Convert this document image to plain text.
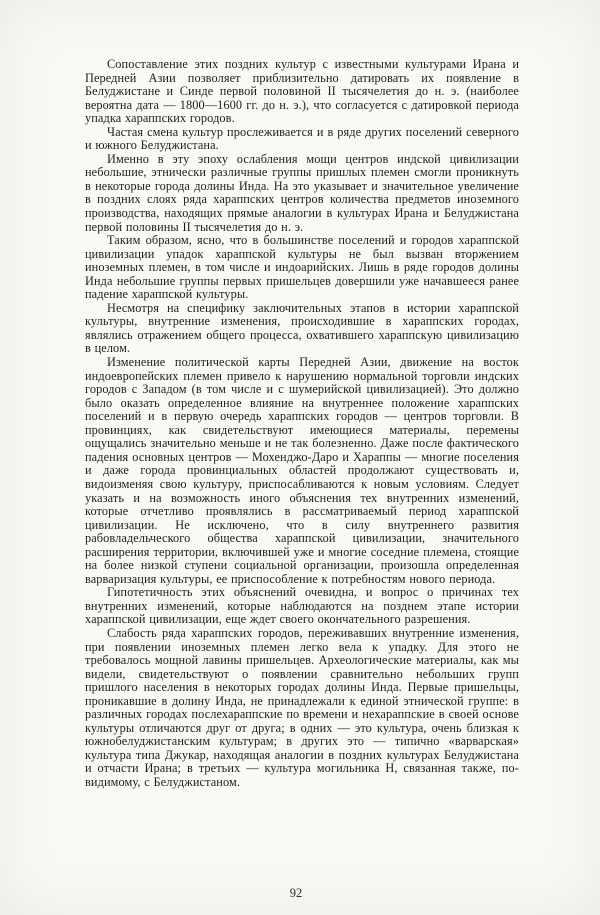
Сопоставление этих поздних культур с известными культурами Ирана и Передней Азии позволяет приблизительно датировать их появление в Белуджистане и Синде первой половиной II тысячелетия до н. э. (наиболее вероятна дата — 1800—1600 гг. до н. э.), что согласуется с датировкой периода упадка хараппских городов.

Частая смена культур прослеживается и в ряде других поселений северного и южного Белуджистана.

Именно в эту эпоху ослабления мощи центров индской цивилизации небольшие, этнически различные группы пришлых племен смогли проникнуть в некоторые города долины Инда. На это указывает и значительное увеличение в поздних слоях ряда хараппских центров количества предметов иноземного производства, находящих прямые аналогии в культурах Ирана и Белуджистана первой половины II тысячелетия до н. э.

Таким образом, ясно, что в большинстве поселений и городов хараппской цивилизации упадок хараппской культуры не был вызван вторжением иноземных племен, в том числе и индоарийских. Лишь в ряде городов долины Инда небольшие группы первых пришельцев довершили уже начавшееся ранее падение хараппской культуры.

Несмотря на специфику заключительных этапов в истории хараппской культуры, внутренние изменения, происходившие в хараппских городах, являлись отражением общего процесса, охватившего хараппскую цивилизацию в целом.

Изменение политической карты Передней Азии, движение на восток индоевропейских племен привело к нарушению нормальной торговли индских городов с Западом (в том числе и с шумерийской цивилизацией). Это должно было оказать определенное влияние на внутреннее положение хараппских поселений и в первую очередь хараппских городов — центров торговли. В провинциях, как свидетельствуют имеющиеся материалы, перемены ощущались значительно меньше и не так болезненно. Даже после фактического падения основных центров — Мохенджо-Даро и Хараппы — многие поселения и даже города провинциальных областей продолжают существовать и, видоизменяя свою культуру, приспосабливаются к новым условиям. Следует указать и на возможность иного объяснения тех внутренних изменений, которые отчетливо проявлялись в рассматриваемый период хараппской цивилизации. Не исключено, что в силу внутреннего развития рабовладельческого общества хараппской цивилизации, значительного расширения территории, включившей уже и многие соседние племена, стоящие на более низкой ступени социальной организации, произошла определенная варваризация культуры, ее приспособление к потребностям нового периода.

Гипотетичность этих объяснений очевидна, и вопрос о причинах тех внутренних изменений, которые наблюдаются на позднем этапе истории хараппской цивилизации, еще ждет своего окончательного разрешения.

Слабость ряда хараппских городов, переживавших внутренние изменения, при появлении иноземных племен легко вела к упадку. Для этого не требовалось мощной лавины пришельцев. Археологические материалы, как мы видели, свидетельствуют о появлении сравнительно небольших групп пришлого населения в некоторых городах долины Инда. Первые пришельцы, проникавшие в долину Инда, не принадлежали к единой этнической группе: в различных городах послехараппские по времени и нехараппские в своей основе культуры отличаются друг от друга; в одних — это культура, очень близкая к южнобелуджистанским культурам; в других это — типично «варварская» культура типа Джукар, находящая аналогии в поздних культурах Белуджистана и отчасти Ирана; в третьих — культура могильника Н, связанная также, по-видимому, с Белуджистаном.

92
